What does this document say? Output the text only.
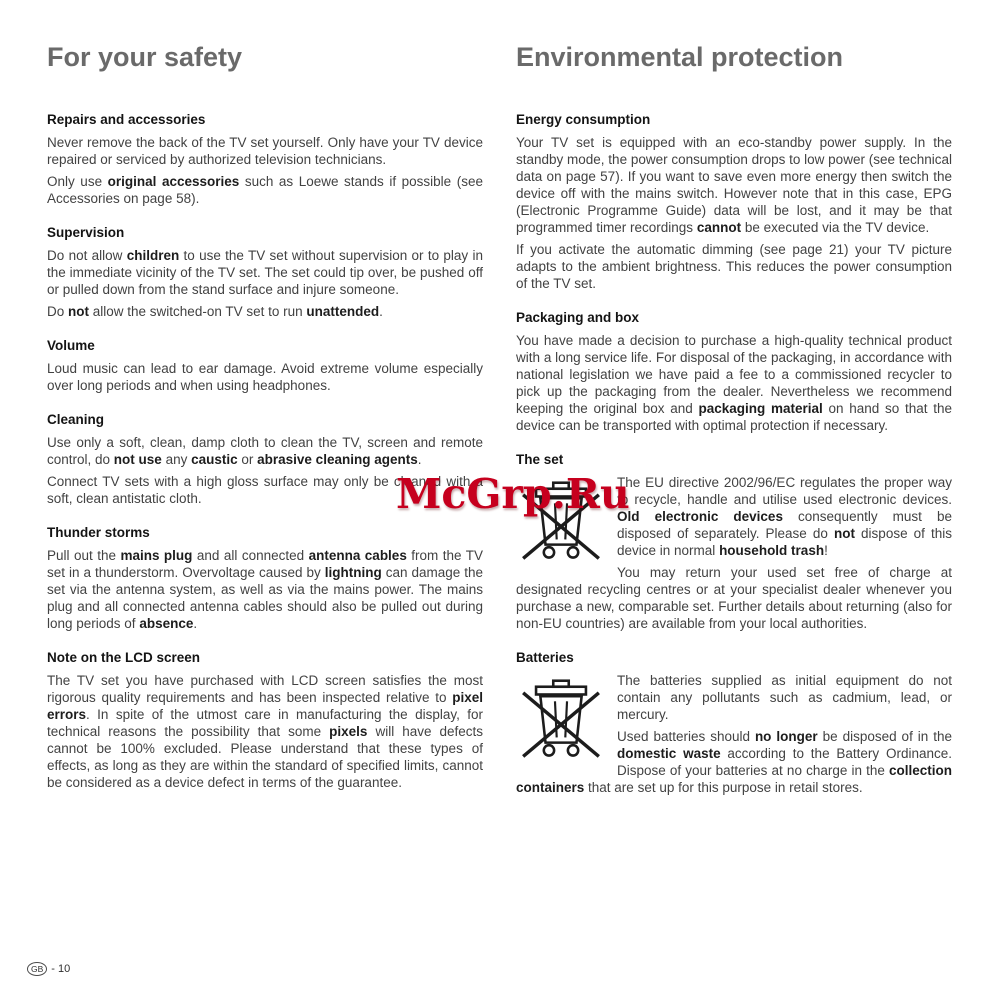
For your safety
Repairs and accessories

Never remove the back of the TV set yourself. Only have your TV device repaired or serviced by authorized television technicians.

Only use original accessories such as Loewe stands if possible (see Accessories on page 58).

Supervision

Do not allow children to use the TV set without supervision or to play in the immediate vicinity of the TV set. The set could tip over, be pushed off or pulled down from the stand surface and injure someone.

Do not allow the switched-on TV set to run unattended.

Volume

Loud music can lead to ear damage. Avoid extreme volume especially over long periods and when using headphones.

Cleaning

Use only a soft, clean, damp cloth to clean the TV, screen and remote control, do not use any caustic or abrasive cleaning agents.

Connect TV sets with a high gloss surface may only be cleaned with a soft, clean antistatic cloth.

Thunder storms

Pull out the mains plug and all connected antenna cables from the TV set in a thunderstorm. Overvoltage caused by lightning can damage the set via the antenna system, as well as via the mains power. The mains plug and all connected antenna cables should also be pulled out during long periods of absence.

Note on the LCD screen

The TV set you have purchased with LCD screen satisfies the most rigorous quality requirements and has been inspected relative to pixel errors. In spite of the utmost care in manufacturing the display, for technical reasons the possibility that some pixels will have defects cannot be 100% excluded. Please understand that these types of effects, as long as they are within the standard of specified limits, cannot be considered as a device defect in terms of the guarantee.

Environmental protection
Energy consumption

Your TV set is equipped with an eco-standby power supply. In the standby mode, the power consumption drops to low power (see technical data on page 57). If you want to save even more energy then switch the device off with the mains switch. However note that in this case, EPG (Electronic Programme Guide) data will be lost, and it may be that programmed timer recordings cannot be executed via the TV device.

If you activate the automatic dimming (see page 21) your TV picture adapts to the ambient brightness. This reduces the power consumption of the TV set.

Packaging and box

You have made a decision to purchase a high-quality technical product with a long service life. For disposal of the packaging, in accordance with national legislation we have paid a fee to a commissioned recycler to pick up the packaging from the dealer. Nevertheless we recommend keeping the original box and packaging material on hand so that the device can be transported with optimal protection if necessary.

The set

The EU directive 2002/96/EC regulates the proper way to recycle, handle and utilise used electronic devices. Old electronic devices consequently must be disposed of separately. Please do not dispose of this device in normal household trash!

You may return your used set free of charge at designated recycling centres or at your specialist dealer whenever you purchase a new, comparable set. Further details about returning (also for non-EU countries) are available from your local authorities.

Batteries

The batteries supplied as initial equipment do not contain any pollutants such as cadmium, lead, or mercury.

Used batteries should no longer be disposed of in the domestic waste according to the Battery Ordinance. Dispose of your batteries at no charge in the collection containers that are set up for this purpose in retail stores.

McGrp.Ru
GB - 10
